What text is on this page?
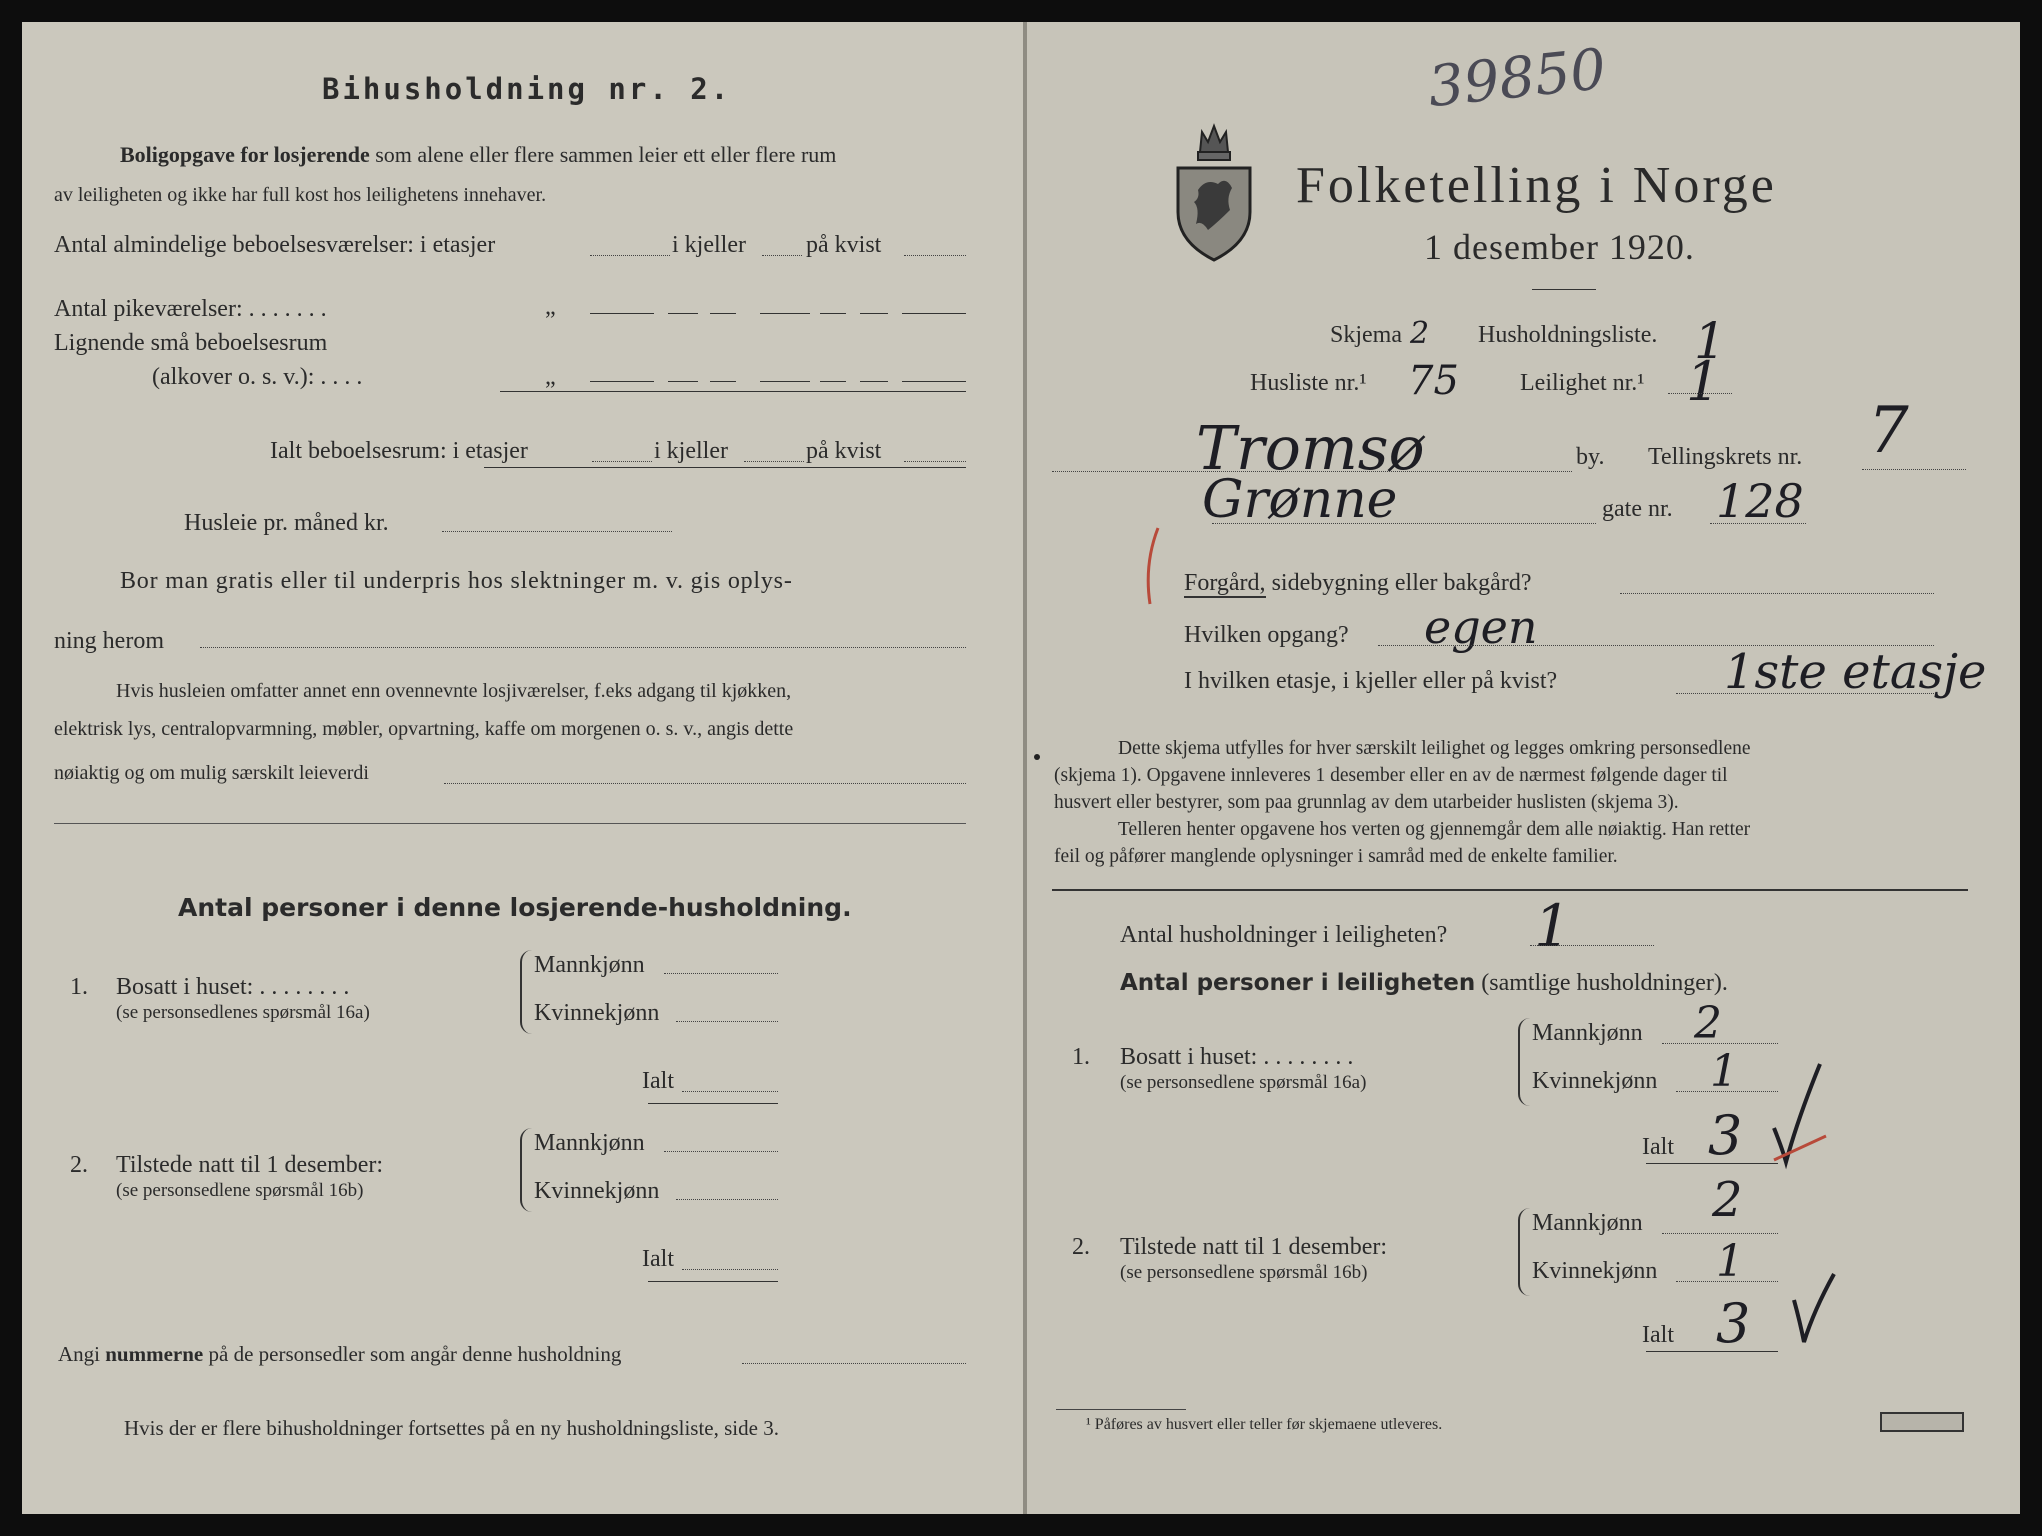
Bihusholdning nr. 2.
Boligopgave for losjerende som alene eller flere sammen leier ett eller flere rum
av leiligheten og ikke har full kost hos leilighetens innehaver.
Antal almindelige beboelsesværelser: i etasjer	i kjeller	på kvist
Antal pikeværelser: . . . . . . .	„
Lignende små beboelsesrum
(alkover o. s. v.): . . . .	„
Ialt beboelsesrum: i etasjer	i kjeller	på kvist
Husleie pr. måned kr.
Bor man gratis eller til underpris hos slektninger m. v. gis oplys-
ning herom
Hvis husleien omfatter annet enn ovennevnte losjiværelser, f.eks adgang til kjøkken,
elektrisk lys, centralopvarmning, møbler, opvartning, kaffe om morgenen o. s. v., angis dette
nøiaktig og om mulig særskilt leieverdi
Antal personer i denne losjerende-husholdning.
1. Bosatt i huset: . . . . . . . .
(se personsedlenes spørsmål 16a)
Mannkjønn
Kvinnekjønn
Ialt
2. Tilstede natt til 1 desember:
(se personsedlene spørsmål 16b)
Mannkjønn
Kvinnekjønn
Ialt
Angi nummerne på de personsedler som angår denne husholdning
Hvis der er flere bihusholdninger fortsettes på en ny husholdningsliste, side 3.
39850
Folketelling i Norge
1 desember 1920.
Skjema 2 Husholdningsliste. 1
Husliste nr.¹ 75	Leilighet nr.¹ 1
Tromsø	by. Tellingskrets nr. 7
Grønne	gate nr. 128
Forgård, sidebygning eller bakgård?
Hvilken opgang? egen
I hvilken etasje, i kjeller eller på kvist?	1ste etasje
Dette skjema utfylles for hver særskilt leilighet og legges omkring personsedlene
(skjema 1). Opgavene innleveres 1 desember eller en av de nærmest følgende dager til
husvert eller bestyrer, som paa grunnlag av dem utarbeider huslisten (skjema 3).
Telleren henter opgavene hos verten og gjennemgår dem alle nøiaktig. Han retter
feil og påfører manglende oplysninger i samråd med de enkelte familier.
Antal husholdninger i leiligheten? 1
Antal personer i leiligheten (samtlige husholdninger).
1. Bosatt i huset: . . . . . . . .
(se personsedlene spørsmål 16a)
Mannkjønn 2
Kvinnekjønn 1
Ialt 3
2. Tilstede natt til 1 desember:
(se personsedlene spørsmål 16b)
Mannkjønn 2
Kvinnekjønn 1
Ialt 3
¹ Påføres av husvert eller teller før skjemaene utleveres.
